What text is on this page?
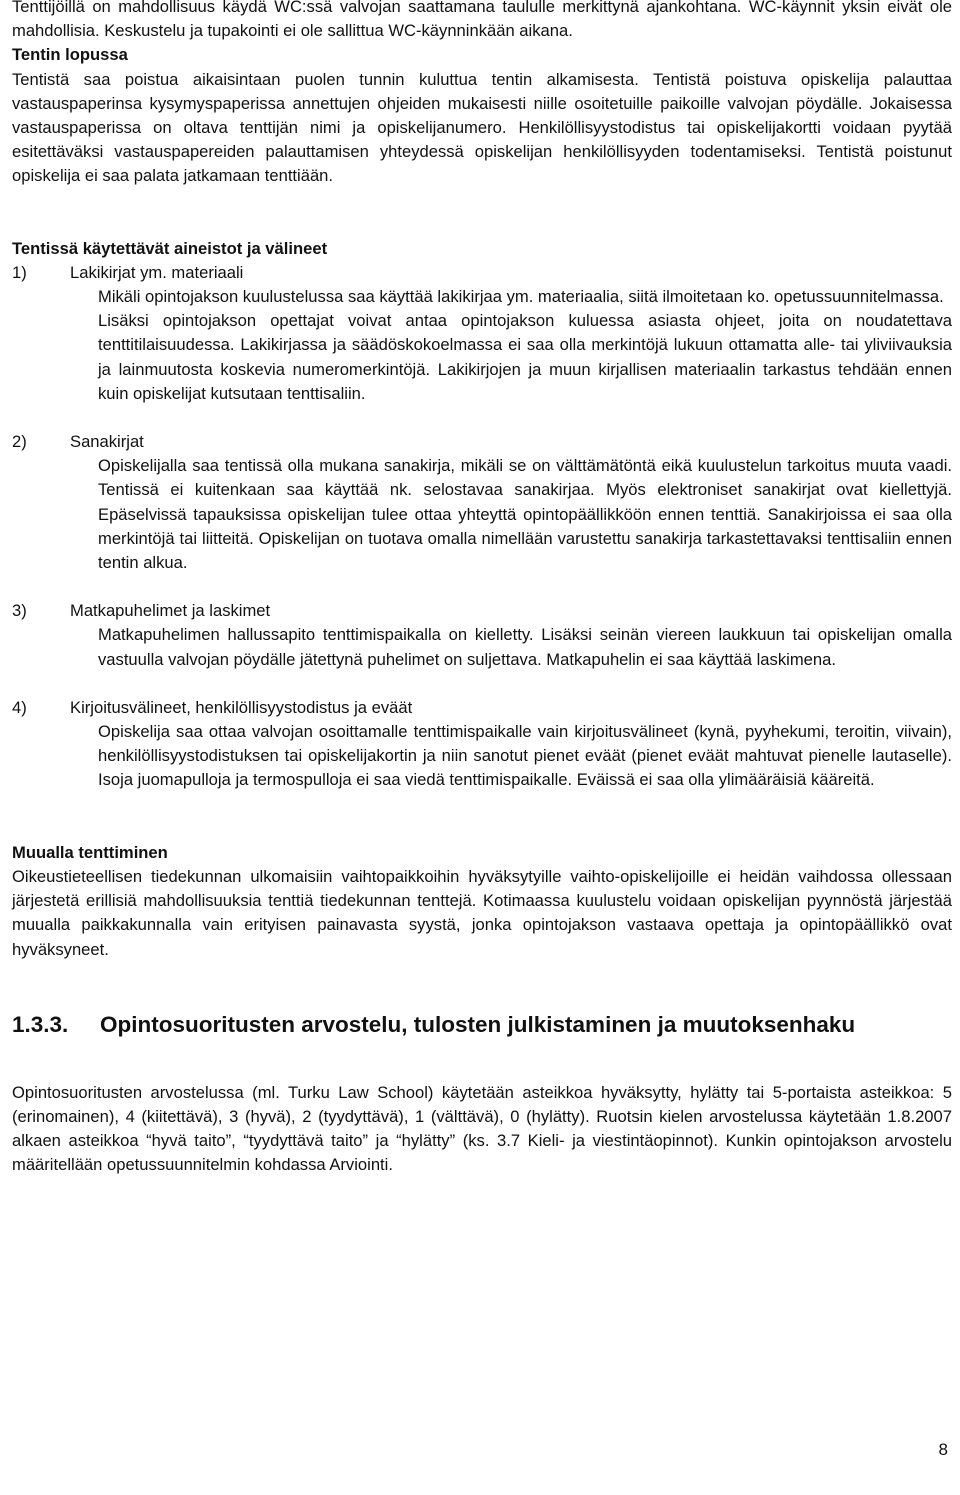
Tenttijöillä on mahdollisuus käydä WC:ssä valvojan saattamana taululle merkittynä ajankohtana. WC-käynnit yksin eivät ole mahdollisia. Keskustelu ja tupakointi ei ole sallittua WC-käynninkään aikana.

Tentin lopussa

Tentistä saa poistua aikaisintaan puolen tunnin kuluttua tentin alkamisesta. Tentistä poistuva opiskelija palauttaa vastauspaperinsa kysymyspaperissa annettujen ohjeiden mukaisesti niille osoitetuille paikoille valvojan pöydälle. Jokaisessa vastauspaperissa on oltava tenttijän nimi ja opiskelijanumero. Henkilöllisyystodistus tai opiskelijakortti voidaan pyytää esitettäväksi vastauspapereiden palauttamisen yhteydessä opiskelijan henkilöllisyyden todentamiseksi. Tentistä poistunut opiskelija ei saa palata jatkamaan tenttiään.

Tentissä käytettävät aineistot ja välineet

1)	Lakikirjat ym. materiaali

Mikäli opintojakson kuulustelussa saa käyttää lakikirjaa ym. materiaalia, siitä ilmoitetaan ko. opetussuunnitelmassa.

Lisäksi opintojakson opettajat voivat antaa opintojakson kuluessa asiasta ohjeet, joita on noudatettava tenttitilaisuudessa. Lakikirjassa ja säädöskokoelmassa ei saa olla merkintöjä lukuun ottamatta alle- tai yliviivauksia ja lainmuutosta koskevia numeromerkintöjä. Lakikirjojen ja muun kirjallisen materiaalin tarkastus tehdään ennen kuin opiskelijat kutsutaan tenttisaliin.

2)	Sanakirjat

Opiskelijalla saa tentissä olla mukana sanakirja, mikäli se on välttämätöntä eikä kuulustelun tarkoitus muuta vaadi. Tentissä ei kuitenkaan saa käyttää nk. selostavaa sanakirjaa. Myös elektroniset sanakirjat ovat kiellettyjä. Epäselvissä tapauksissa opiskelijan tulee ottaa yhteyttä opintopäällikköön ennen tenttiä. Sanakirjoissa ei saa olla merkintöjä tai liitteitä. Opiskelijan on tuotava omalla nimellään varustettu sanakirja tarkastettavaksi tenttisaliin ennen tentin alkua.

3)	Matkapuhelimet ja laskimet

Matkapuhelimen hallussapito tenttimispaikalla on kielletty. Lisäksi seinän viereen laukkuun tai opiskelijan omalla vastuulla valvojan pöydälle jätettynä puhelimet on suljettava. Matkapuhelin ei saa käyttää laskimena.

4)	Kirjoitusvälineet, henkilöllisyystodistus ja eväät

Opiskelija saa ottaa valvojan osoittamalle tenttimispaikalle vain kirjoitusvälineet (kynä, pyyhekumi, teroitin, viivain), henkilöllisyystodistuksen tai opiskelijakortin ja niin sanotut pienet eväät (pienet eväät mahtuvat pienelle lautaselle). Isoja juomapulloja ja termospulloja ei saa viedä tenttimispaikalle. Eväissä ei saa olla ylimääräisiä kääreitä.

Muualla tenttiminen

Oikeustieteellisen tiedekunnan ulkomaisiin vaihtopaikkoihin hyväksytyille vaihto-opiskelijoille ei heidän vaihdossa ollessaan järjestetä erillisiä mahdollisuuksia tenttiä tiedekunnan tenttejä. Kotimaassa kuulustelu voidaan opiskelijan pyynnöstä järjestää muualla paikkakunnalla vain erityisen painavasta syystä, jonka opintojakson vastaava opettaja ja opintopäällikkö ovat hyväksyneet.

1.3.3. Opintosuoritusten arvostelu, tulosten julkistaminen ja muutoksenhaku

Opintosuoritusten arvostelussa (ml. Turku Law School) käytetään asteikkoa hyväksytty, hylätty tai 5-portaista asteikkoa: 5 (erinomainen), 4 (kiitettävä), 3 (hyvä), 2 (tyydyttävä), 1 (välttävä), 0 (hylätty). Ruotsin kielen arvostelussa käytetään 1.8.2007 alkaen asteikkoa “hyvä taito”, “tyydyttävä taito” ja “hylätty” (ks. 3.7 Kieli- ja viestintäopinnot). Kunkin opintojakson arvostelu määritellään opetussuunnitelmin kohdassa Arviointi.

8
